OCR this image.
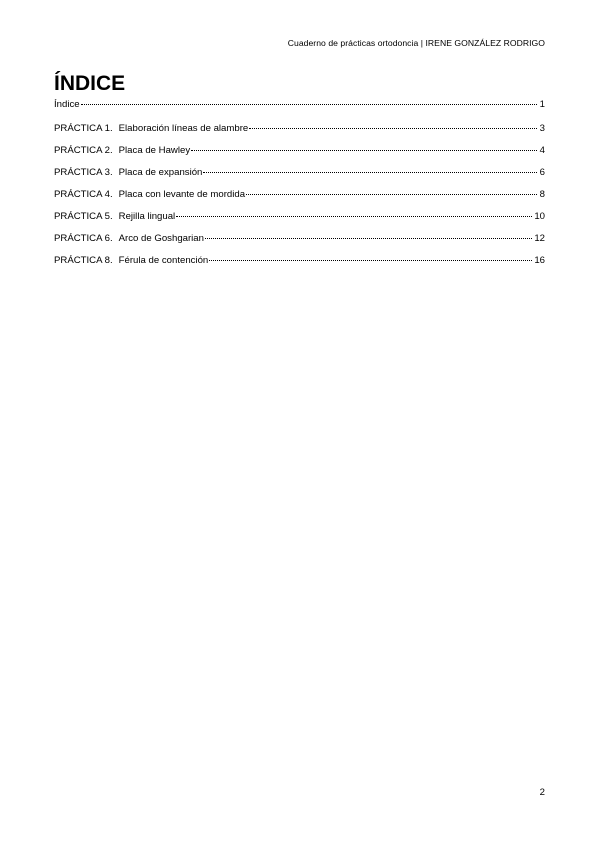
Cuaderno de prácticas ortodoncia | IRENE GONZÁLEZ RODRIGO
ÍNDICE
Índice	1
PRÁCTICA 1. Elaboración líneas de alambre	3
PRÁCTICA 2. Placa de Hawley	4
PRÁCTICA 3. Placa de expansión	6
PRÁCTICA 4. Placa con levante de mordida	8
PRÁCTICA 5. Rejilla lingual	10
PRÁCTICA 6. Arco de Goshgarian	12
PRÁCTICA 8. Férula de contención	16
2
